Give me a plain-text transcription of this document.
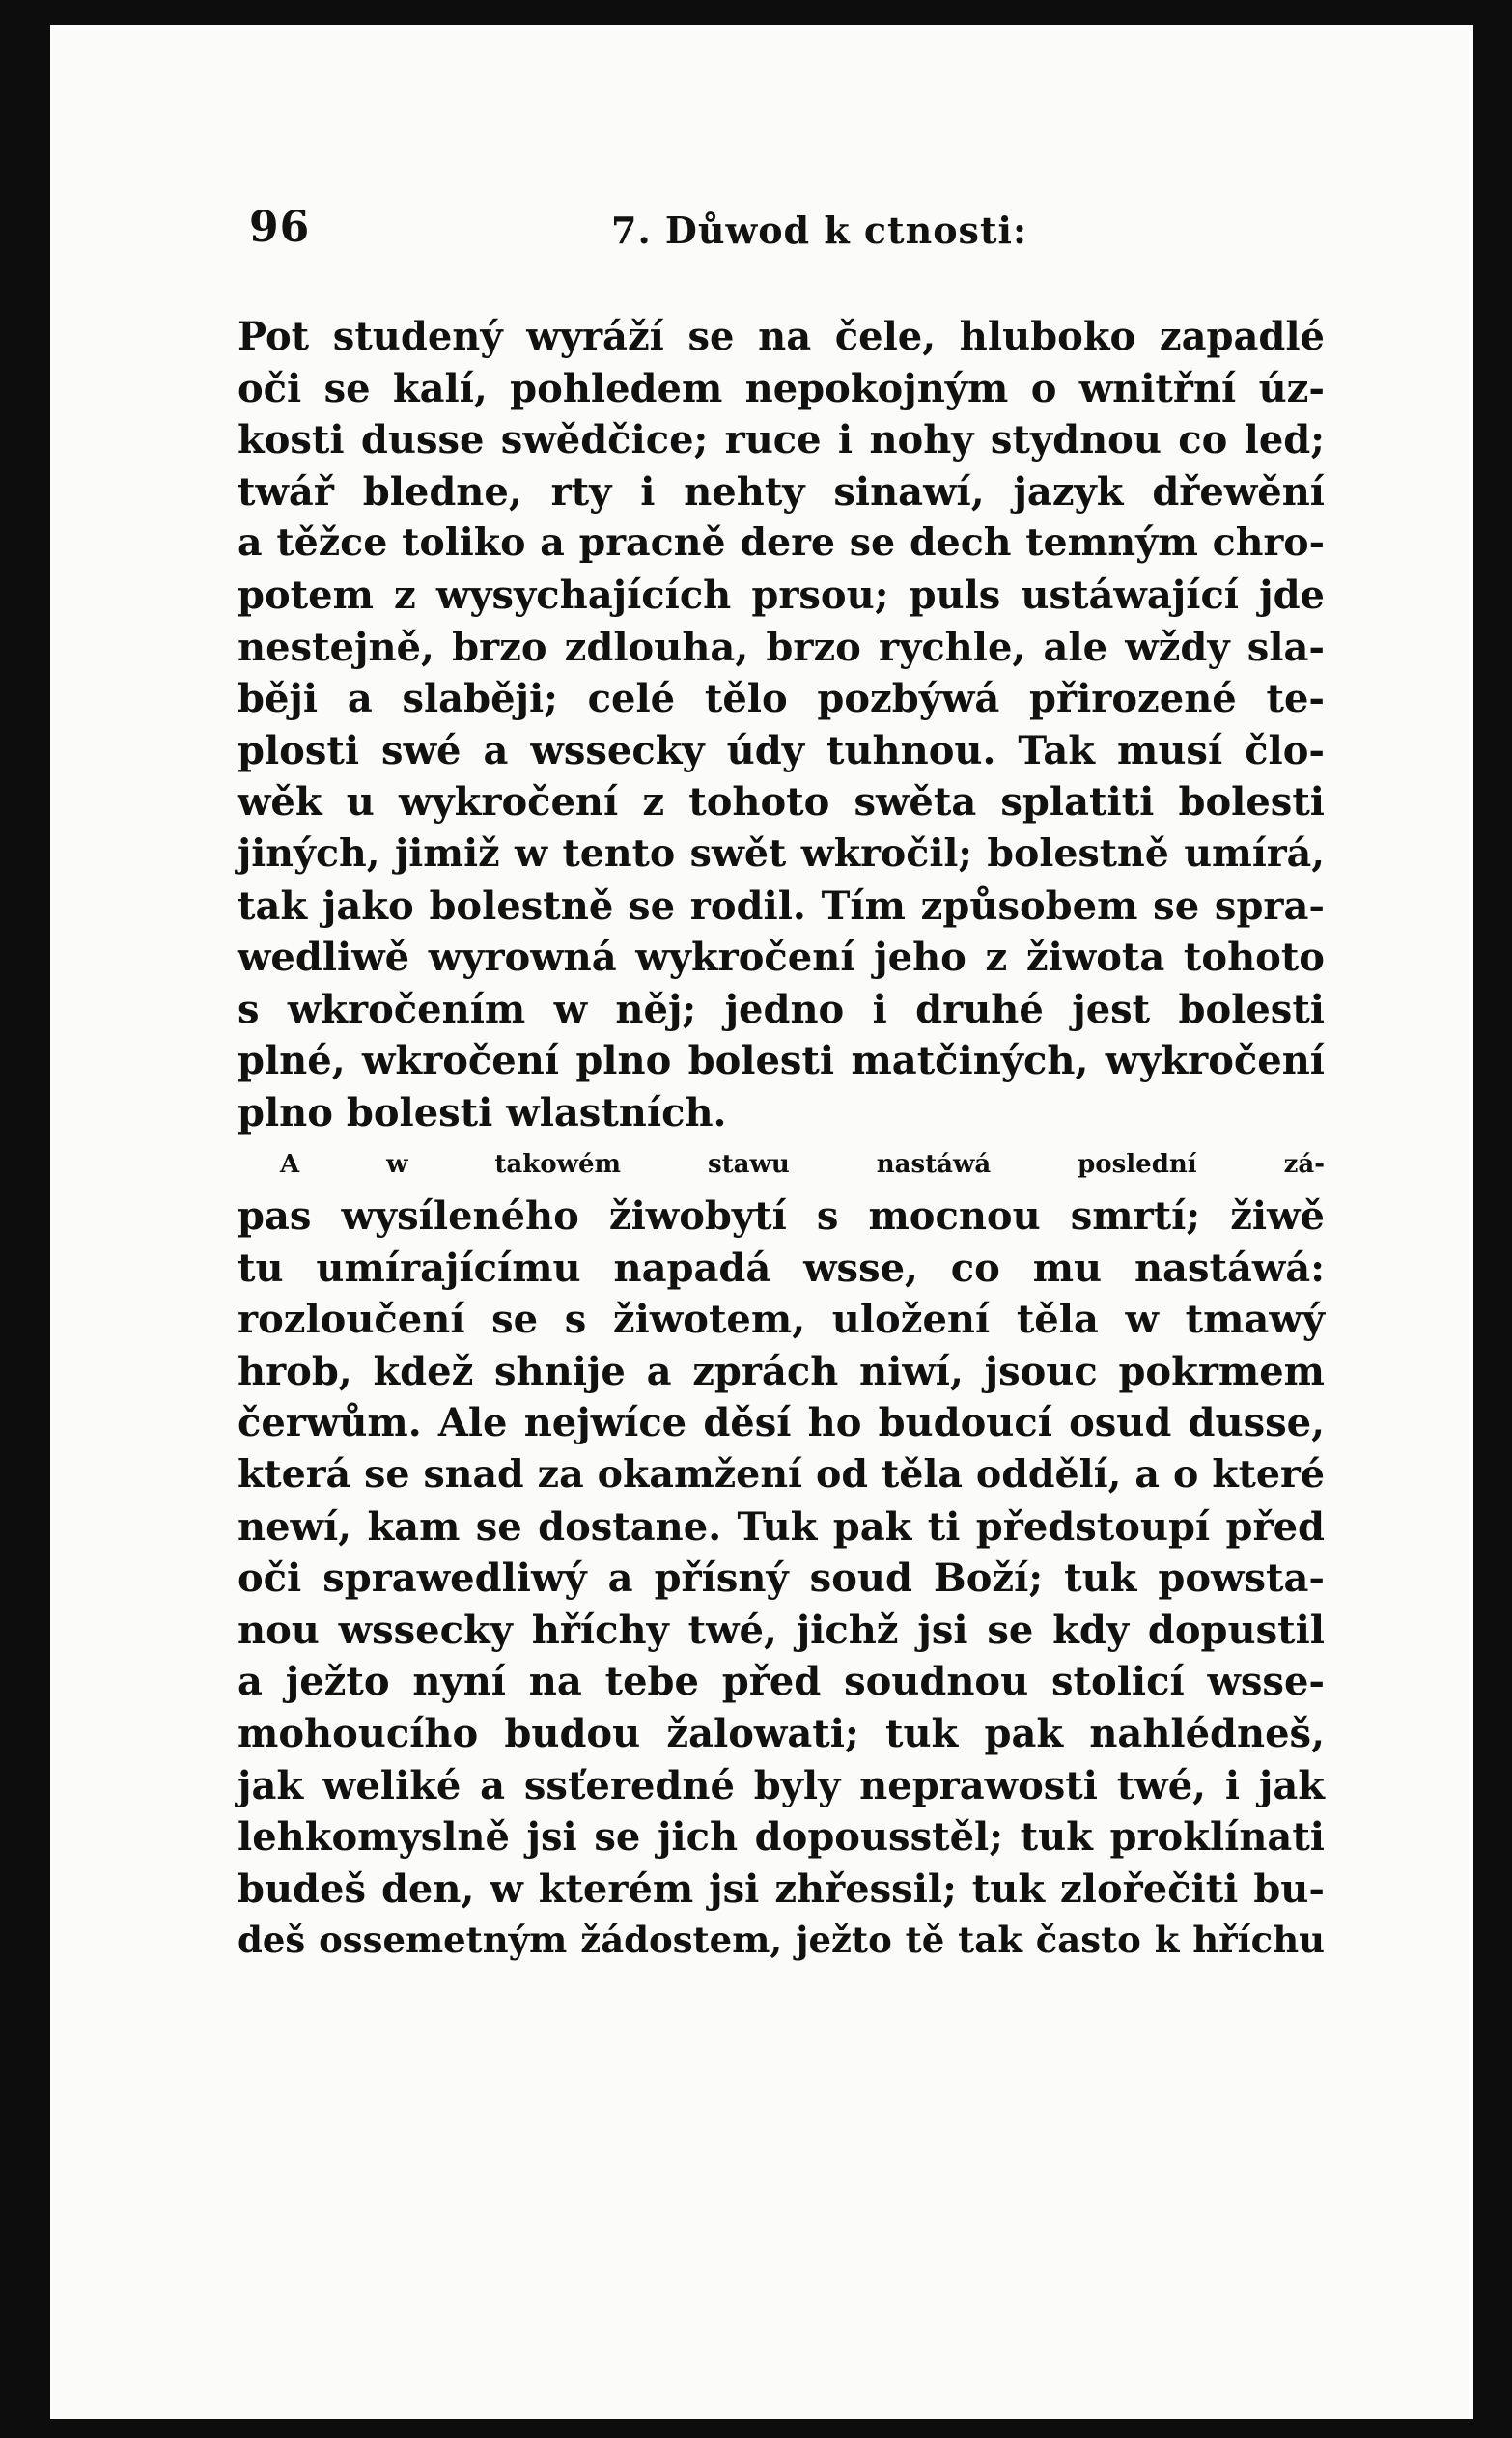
96	7. Důwod k ctnosti:
Pot studený wyráží se na čele, hluboko zapadlé
oči se kalí, pohledem nepokojným o wnitřní úz-
kosti dusse swědčice; ruce i nohy stydnou co led;
twář bledne, rty i nehty sinawí, jazyk dřewění
a těžce toliko a pracně dere se dech temným chro-
potem z wysychajících prsou; puls ustáwající jde
nestejně, brzo zdlouha, brzo rychle, ale wždy sla-
běji a slaběji; celé tělo pozbýwá přirozené te-
plosti swé a wssecky údy tuhnou. Tak musí člo-
wěk u wykročení z tohoto swěta splatiti bolesti
jiných, jimiž w tento swět wkročil; bolestně umírá,
tak jako bolestně se rodil. Tím způsobem se spra-
wedliwě wyrowná wykročení jeho z žiwota tohoto
s wkročením w něj; jedno i druhé jest bolesti
plné, wkročení plno bolesti matčiných, wykročení
plno bolesti wlastních.
A w takowém stawu nastáwá poslední zá-
pas wysíleného žiwobytí s mocnou smrtí; žiwě
tu umírajícímu napadá wsse, co mu nastáwá:
rozloučení se s žiwotem, uložení těla w tmawý
hrob, kdež shnije a zprách niwí, jsouc pokrmem
čerwům. Ale nejwíce děsí ho budoucí osud dusse,
která se snad za okamžení od těla oddělí, a o které
newí, kam se dostane. Tuk pak ti předstoupí před
oči sprawedliwý a přísný soud Boží; tuk powsta-
nou wssecky hříchy twé, jichž jsi se kdy dopustil
a ježto nyní na tebe před soudnou stolicí wsse-
mohoucího budou žalowati; tuk pak nahlédneš,
jak weliké a ssťeredné byly neprawosti twé, i jak
lehkomyslně jsi se jich dopousstěl; tuk proklínati
budeš den, w kterém jsi zhřessil; tuk zlořečiti bu-
deš ossemetným žádostem, ježto tě tak často k hříchu
